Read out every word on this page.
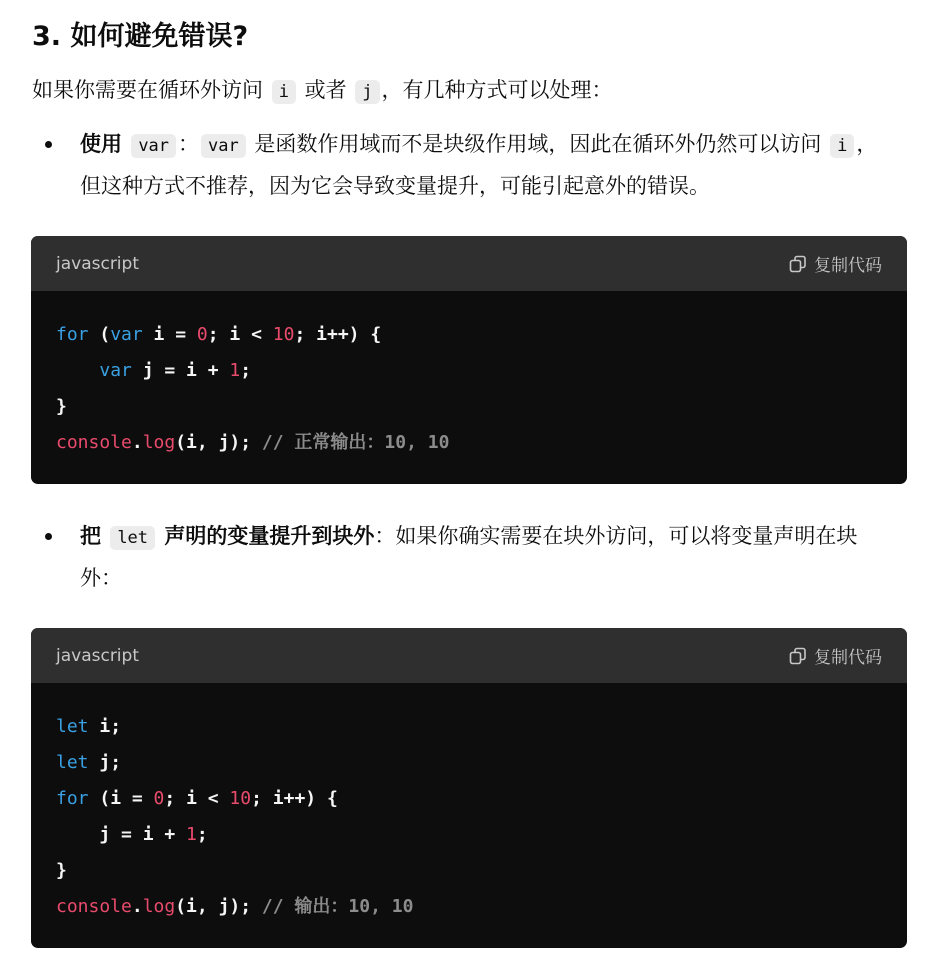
3. 如何避免错误?
如果你需要在循环外访问 i 或者 j ，有几种方式可以处理：
使用 var ： var 是函数作用域而不是块级作用域，因此在循环外仍然可以访问 i ，但这种方式不推荐，因为它会导致变量提升，可能引起意外的错误。
javascript	复制代码
for (var i = 0; i < 10; i++) {
var j = i + 1;
}
console.log(i, j); // 正常输出：10, 10
把 let 声明的变量提升到块外：如果你确实需要在块外访问，可以将变量声明在块外：
javascript	复制代码
let i;
let j;
for (i = 0; i < 10; i++) {
j = i + 1;
}
console.log(i, j); // 输出：10, 10
